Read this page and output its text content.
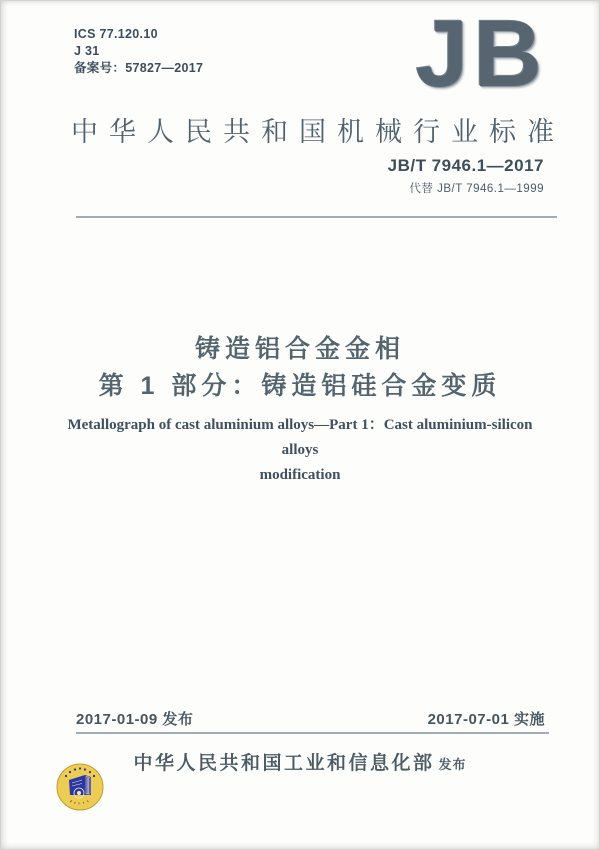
ICS 77.120.10
J 31
备案号：57827—2017 JB
中华人民共和国机械行业标准
JB/T 7946.1—2017
代替 JB/T 7946.1—1999
铸造铝合金金相
第 1 部分：铸造铝硅合金变质
Metallograph of cast aluminium alloys—Part 1：Cast aluminium-silicon alloys
modification
2017-01-09 发布	2017-07-01 实施
中华人民共和国工业和信息化部 发布
